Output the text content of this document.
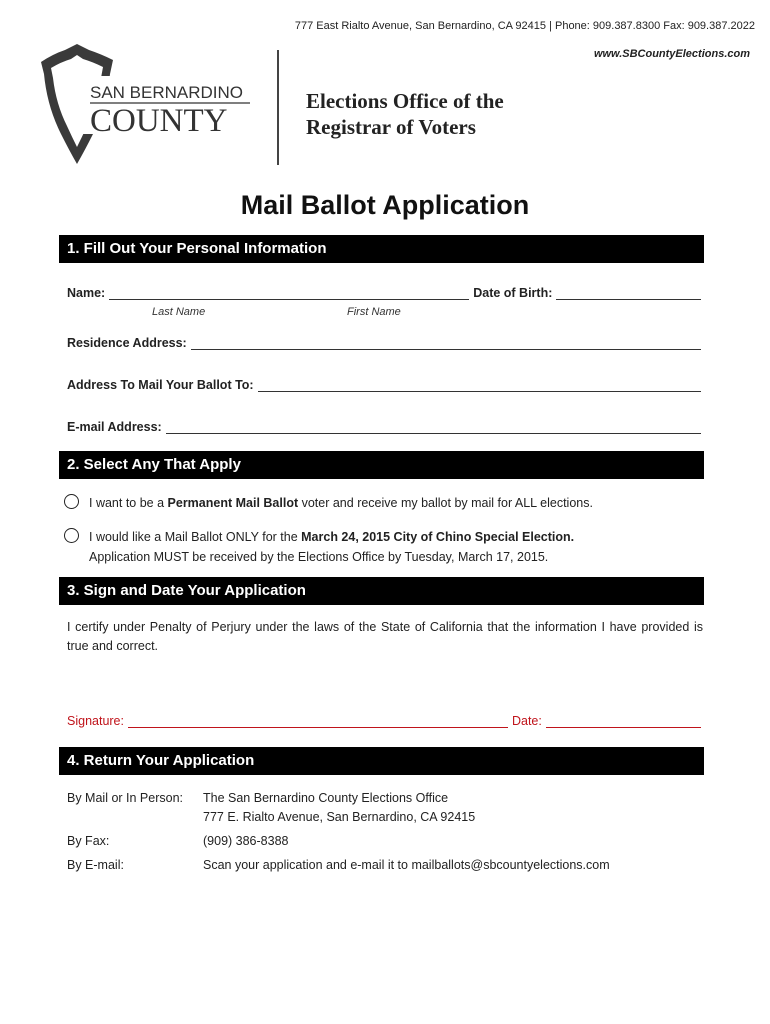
777 East Rialto Avenue, San Bernardino, CA 92415 | Phone: 909.387.8300 Fax: 909.387.2022
www.SBCountyElections.com
SAN BERNARDINO
COUNTY
Elections Office of the
Registrar of Voters
Mail Ballot Application
1. Fill Out Your Personal Information
Name:	Date of Birth:
Last Name	First Name
Residence Address:
Address To Mail Your Ballot To:
E-mail Address:
2. Select Any That Apply
I want to be a Permanent Mail Ballot voter and receive my ballot by mail for ALL elections.
I would like a Mail Ballot ONLY for the March 24, 2015 City of Chino Special Election.
Application MUST be received by the Elections Office by Tuesday, March 17, 2015.
3. Sign and Date Your Application
I certify under Penalty of Perjury under the laws of the State of California that the information I have provided is true and correct.
Signature:	Date:
4. Return Your Application
By Mail or In Person: The San Bernardino County Elections Office
777 E. Rialto Avenue, San Bernardino, CA 92415
By Fax:	(909) 386-8388
By E-mail:	Scan your application and e-mail it to mailballots@sbcountyelections.com
